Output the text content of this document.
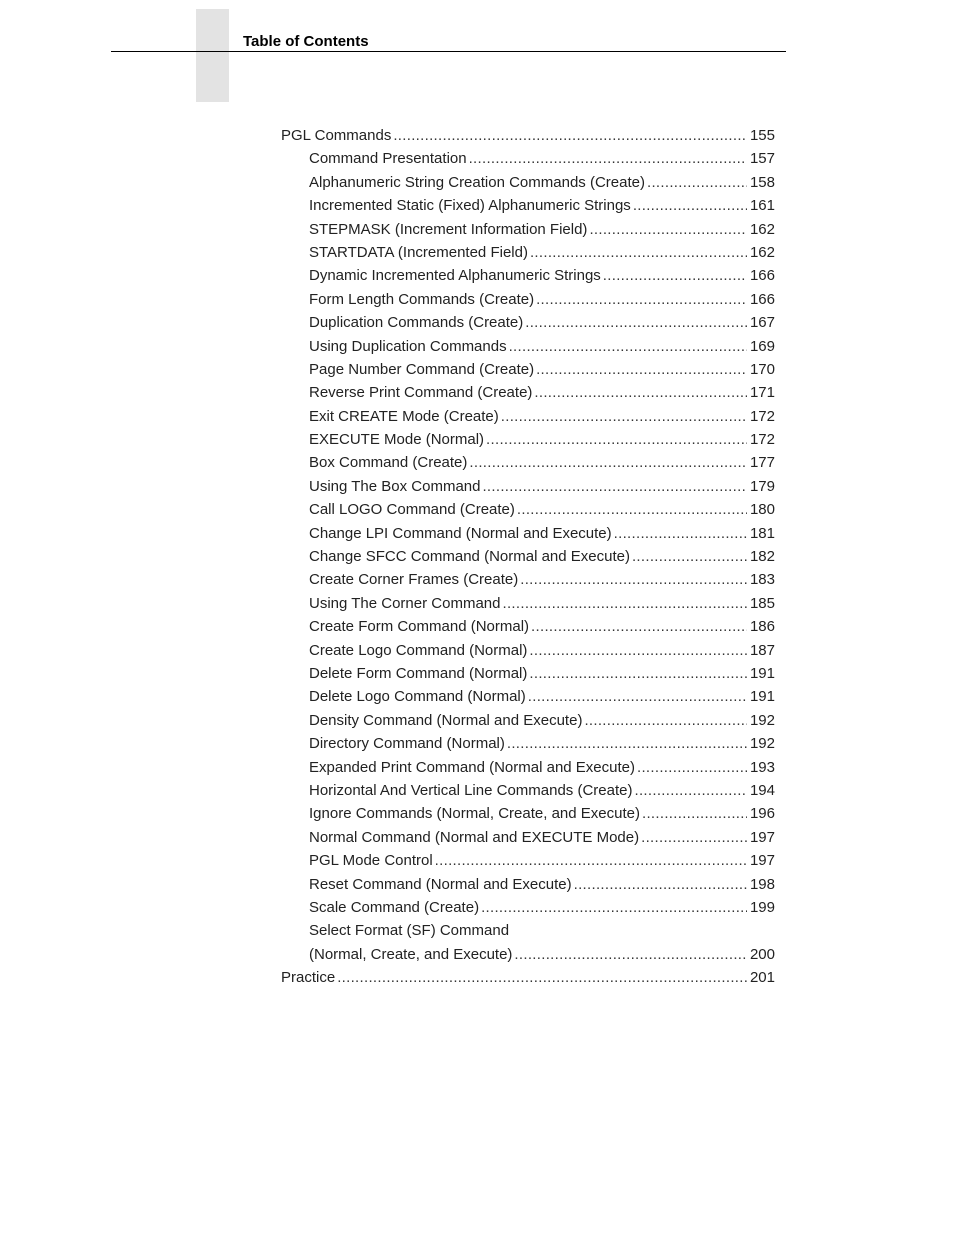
Table of Contents
PGL Commands .....	155
Command Presentation .....	157
Alphanumeric String Creation Commands (Create) .....	158
Incremented Static (Fixed) Alphanumeric Strings .....	161
STEPMASK (Increment Information Field) .....	162
STARTDATA (Incremented Field) .....	162
Dynamic Incremented Alphanumeric Strings .....	166
Form Length Commands (Create) .....	166
Duplication Commands (Create) .....	167
Using Duplication Commands .....	169
Page Number Command (Create) .....	170
Reverse Print Command (Create) .....	171
Exit CREATE Mode (Create) .....	172
EXECUTE Mode (Normal) .....	172
Box Command (Create) .....	177
Using The Box Command .....	179
Call LOGO Command (Create) .....	180
Change LPI Command (Normal and Execute) .....	181
Change SFCC Command (Normal and Execute) .....	182
Create Corner Frames (Create) .....	183
Using The Corner Command .....	185
Create Form Command (Normal) .....	186
Create Logo Command (Normal) .....	187
Delete Form Command (Normal) .....	191
Delete Logo Command (Normal) .....	191
Density Command (Normal and Execute) .....	192
Directory Command (Normal) .....	192
Expanded Print Command (Normal and Execute) .....	193
Horizontal And Vertical Line Commands (Create) .....	194
Ignore Commands (Normal, Create, and Execute) .....	196
Normal Command (Normal and EXECUTE Mode) .....	197
PGL Mode Control .....	197
Reset Command (Normal and Execute) .....	198
Scale Command (Create) .....	199
Select Format (SF) Command
(Normal, Create, and Execute) .....	200
Practice .....	201
